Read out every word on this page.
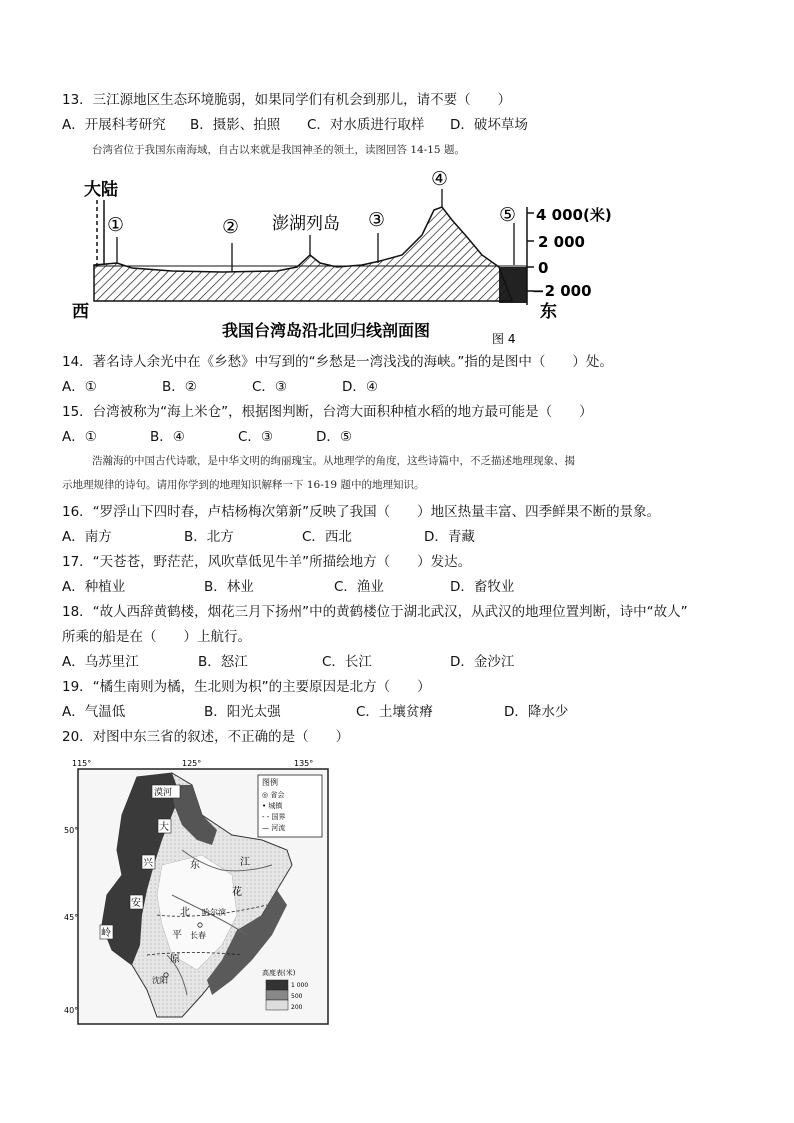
13．三江源地区生态环境脆弱，如果同学们有机会到那儿，请不要（　　）
A．开展科考研究 B．摄影、拍照 C．对水质进行取样 D．破坏草场
台湾省位于我国东南海域，自古以来就是我国神圣的领土，读图回答 14-15 题。
大陆
西	东
澎湖列岛
①	②	③
④
⑤ 4 000(米)
2 000
0
−2 000
我国台湾岛沿北回归线剖面图	图 4
14．著名诗人余光中在《乡愁》中写到的“乡愁是一湾浅浅的海峡。”指的是图中（　　）处。
A．①	B．②	C．③	D．④
15．台湾被称为“海上米仓”，根据图判断，台湾大面积种植水稻的地方最可能是（　　）
A．①	B．④	C．③	D．⑤
浩瀚海的中国古代诗歌，是中华文明的绚丽瑰宝。从地理学的角度，这些诗篇中，不乏描述地理现象、揭
示地理规律的诗句。请用你学到的地理知识解释一下 16-19 题中的地理知识。
16．“罗浮山下四时春，卢桔杨梅次第新”反映了我国（　　）地区热量丰富、四季鲜果不断的景象。
A．南方	B．北方	C．西北	D．青藏
17．“天苍苍，野茫茫，风吹草低见牛羊”所描绘地方（　　）发达。
A．种植业	B．林业	C．渔业	D．畜牧业
18．“故人西辞黄鹤楼，烟花三月下扬州”中的黄鹤楼位于湖北武汉，从武汉的地理位置判断，诗中“故人”
所乘的船是在（　　）上航行。
A．乌苏里江	B．怒江	C．长江	D．金沙江
19．“橘生南则为橘，生北则为枳”的主要原因是北方（　　）
A．气温低	B．阳光太强	C．土壤贫瘠	D．降水少
20．对图中东三省的叙述，不正确的是（　　）
115°	125°	135°
50°
45°
40°
漠河
大
兴
安
岭
东
北
平
原
江
花
长春
沈阳
哈尔滨
图例
◎ 省会
• 城镇
- - 国界
— 河流
高度表(米)
1 000
500
200
